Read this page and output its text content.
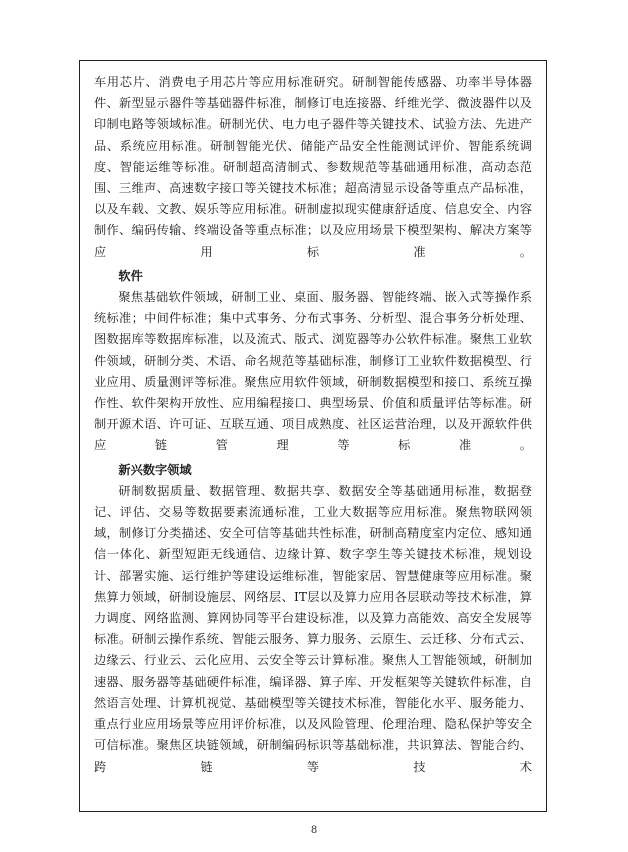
车用芯片、消费电子用芯片等应用标准研究。研制智能传感器、功率半导体器件、新型显示器件等基础器件标准，制修订电连接器、纤维光学、微波器件以及印制电路等领域标准。研制光伏、电力电子器件等关键技术、试验方法、先进产品、系统应用标准。研制智能光伏、储能产品安全性能测试评价、智能系统调度、智能运维等标准。研制超高清制式、参数规范等基础通用标准，高动态范围、三维声、高速数字接口等关键技术标准；超高清显示设备等重点产品标准，以及车载、文教、娱乐等应用标准。研制虚拟现实健康舒适度、信息安全、内容制作、编码传输、终端设备等重点标准；以及应用场景下模型架构、解决方案等应用标准。

软件

聚焦基础软件领域，研制工业、桌面、服务器、智能终端、嵌入式等操作系统标准；中间件标准；集中式事务、分布式事务、分析型、混合事务分析处理、图数据库等数据库标准，以及流式、版式、浏览器等办公软件标准。聚焦工业软件领域，研制分类、术语、命名规范等基础标准，制修订工业软件数据模型、行业应用、质量测评等标准。聚焦应用软件领域，研制数据模型和接口、系统互操作性、软件架构开放性、应用编程接口、典型场景、价值和质量评估等标准。研制开源术语、许可证、互联互通、项目成熟度、社区运营治理，以及开源软件供应链管理等标准。

新兴数字领域

研制数据质量、数据管理、数据共享、数据安全等基础通用标准，数据登记、评估、交易等数据要素流通标准，工业大数据等应用标准。聚焦物联网领域，制修订分类描述、安全可信等基础共性标准，研制高精度室内定位、感知通信一体化、新型短距无线通信、边缘计算、数字孪生等关键技术标准，规划设计、部署实施、运行维护等建设运维标准，智能家居、智慧健康等应用标准。聚焦算力领域，研制设施层、网络层、IT层以及算力应用各层联动等技术标准，算力调度、网络监测、算网协同等平台建设标准，以及算力高能效、高安全发展等标准。研制云操作系统、智能云服务、算力服务、云原生、云迁移、分布式云、边缘云、行业云、云化应用、云安全等云计算标准。聚焦人工智能领域，研制加速器、服务器等基础硬件标准，编译器、算子库、开发框架等关键软件标准，自然语言处理、计算机视觉、基础模型等关键技术标准，智能化水平、服务能力、重点行业应用场景等应用评价标准，以及风险管理、伦理治理、隐私保护等安全可信标准。聚焦区块链领域，研制编码标识等基础标准，共识算法、智能合约、跨链等技术

8
